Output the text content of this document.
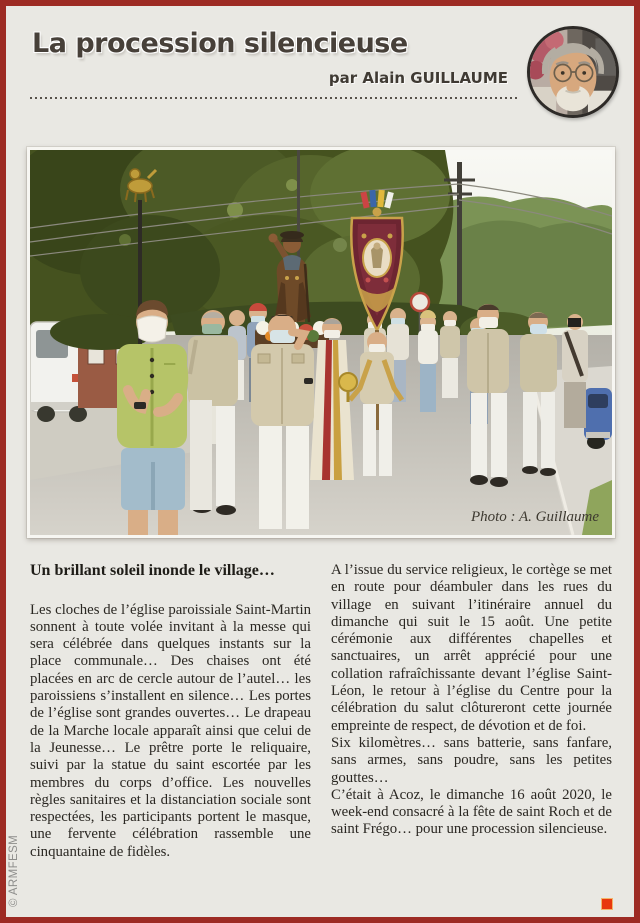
La procession silencieuse
par Alain GUILLAUME
Photo : A. Guillaume
© ARMFESM
Un brillant soleil inonde le village…

Les cloches de l’église paroissiale Saint-Martin sonnent à toute volée invitant à la messe qui sera célébrée dans quelques instants sur la place communale… Des chaises ont été placées en arc de cercle autour de l’autel… les paroissiens s’installent en silence… Les portes de l’église sont grandes ouvertes… Le drapeau de la Marche locale apparaît ainsi que celui de la Jeunesse… Le prêtre porte le reliquaire, suivi par la statue du saint escortée par les membres du corps d’office. Les nouvelles règles sanitaires et la distanciation sociale sont respectées, les participants portent le masque, une fervente célébration rassemble une cinquantaine de fidèles.

A l’issue du service religieux, le cortège se met en route pour déambuler dans les rues du village en suivant l’itinéraire annuel du dimanche qui suit le 15 août. Une petite cérémonie aux différentes chapelles et sanctuaires, un arrêt apprécié pour une collation rafraîchissante devant l’église Saint-Léon, le retour à l’église du Centre pour la célébration du salut clôtureront cette journée empreinte de respect, de dévotion et de foi.

Six kilomètres… sans batterie, sans fanfare, sans armes, sans poudre, sans les petites gouttes…

C’était à Acoz, le dimanche 16 août 2020, le week-end consacré à la fête de saint Roch et de saint Frégo… pour une procession silencieuse.
